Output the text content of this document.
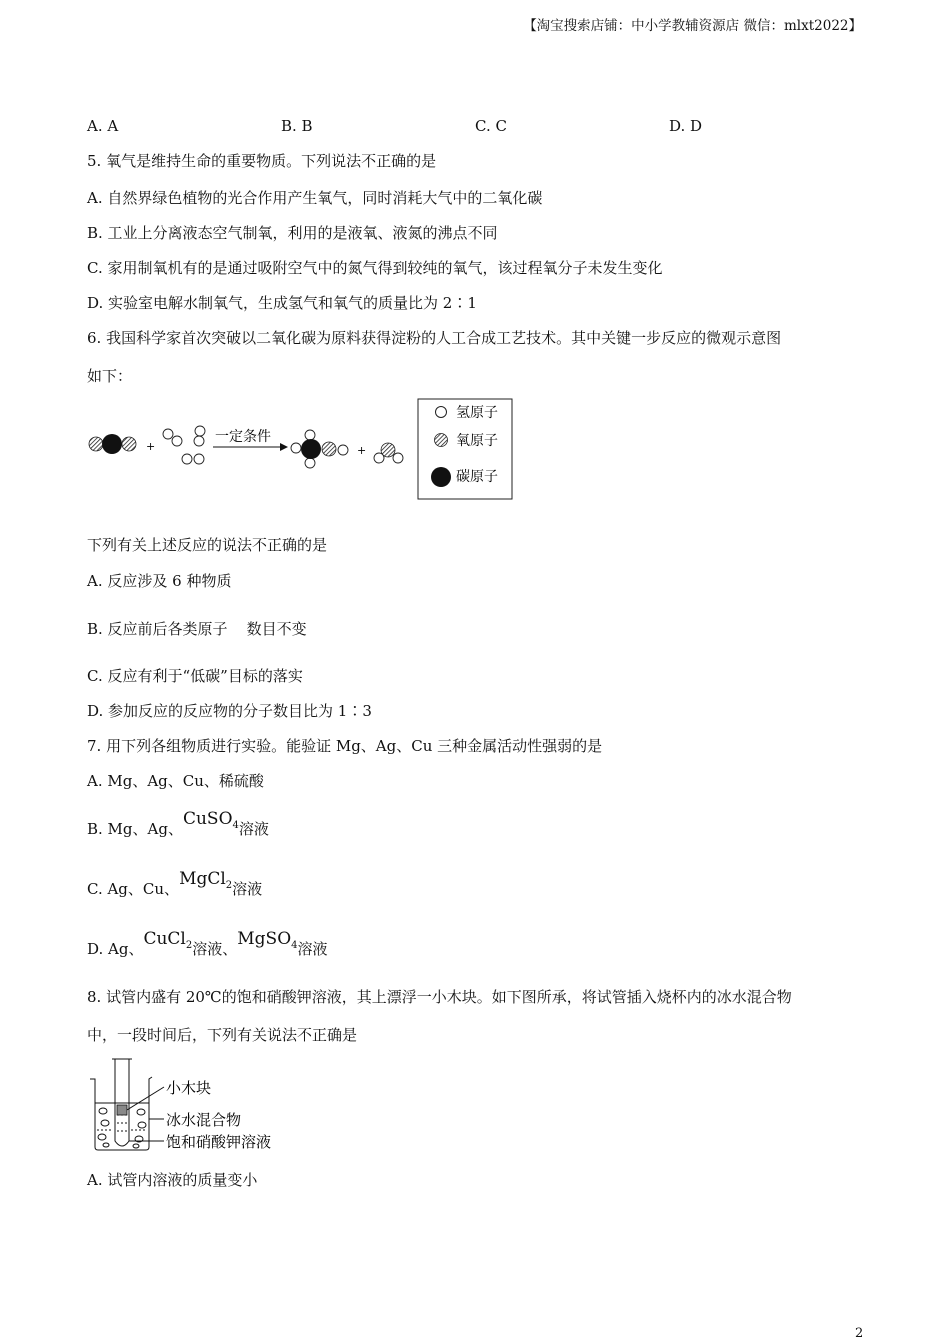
【淘宝搜索店铺：中小学教辅资源店 微信：mlxt2022】
A. A	B. B	C. C	D. D
5. 氧气是维持生命的重要物质。下列说法不正确的是
A. 自然界绿色植物的光合作用产生氧气，同时消耗大气中的二氧化碳
B. 工业上分离液态空气制氧，利用的是液氧、液氮的沸点不同
C. 家用制氧机有的是通过吸附空气中的氮气得到较纯的氧气，该过程氧分子未发生变化
D. 实验室电解水制氧气，生成氢气和氧气的质量比为 2∶1
6. 我国科学家首次突破以二氧化碳为原料获得淀粉的人工合成工艺技术。其中关键一步反应的微观示意图
如下：
+
一定条件
+
氢原子
氧原子
碳原子
下列有关上述反应的说法不正确的是
A. 反应涉及 6 种物质
B. 反应前后各类原子    数目不变
C. 反应有利于“低碳”目标的落实
D. 参加反应的反应物的分子数目比为 1∶3
7. 用下列各组物质进行实验。能验证 Mg、Ag、Cu 三种金属活动性强弱的是
A. Mg、Ag、Cu、稀硫酸
B. Mg、Ag、CuSO$^4$溶液
C. Ag、Cu、MgCl$^2$溶液
D. Ag、CuCl$^2$溶液、MgSO$^4$溶液
8. 试管内盛有 20℃的饱和硝酸钾溶液，其上漂浮一小木块。如下图所承，将试管插入烧杯内的冰水混合物
中，一段时间后，下列有关说法不正确是
小木块
冰水混合物
饱和硝酸钾溶液
A. 试管内溶液的质量变小
2
